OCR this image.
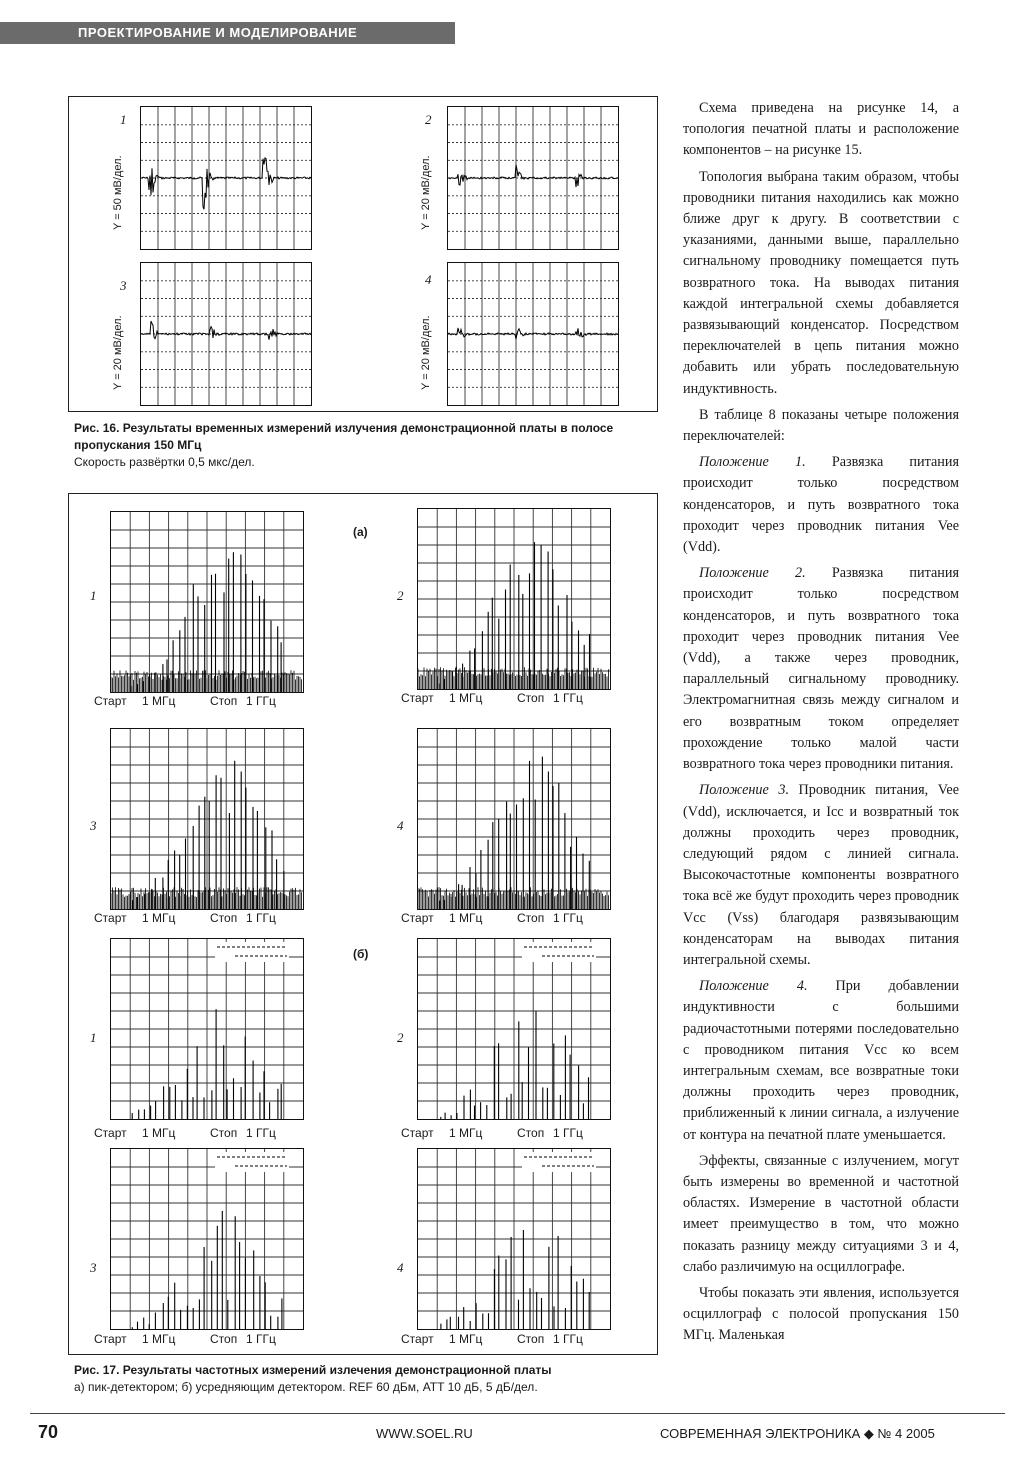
ПРОЕКТИРОВАНИЕ И МОДЕЛИРОВАНИЕ
1
Y = 50 мВ/дел.
2
Y = 20 мВ/дел.
3
Y = 20 мВ/дел.
4
Y = 20 мВ/дел.
Рис. 16. Результаты временных измерений излучения демонстрационной платы в полосе пропускания 150 МГц
Скорость развёртки 0,5 мкс/дел.
(a)
(б)
1
Старт 1 МГц	Стоп 1 ГГц
2
Старт 1 МГц	Стоп 1 ГГц
3
Старт 1 МГц	Стоп 1 ГГц
4
Старт 1 МГц	Стоп 1 ГГц
1
Старт 1 МГц	Стоп 1 ГГц
2
Старт 1 МГц	Стоп 1 ГГц
3
Старт 1 МГц	Стоп 1 ГГц
4
Старт 1 МГц	Стоп 1 ГГц
Рис. 17. Результаты частотных измерений излечения демонстрационной платы
а) пик-детектором; б) усредняющим детектором. REF 60 дБм, ATT 10 дБ, 5 дБ/дел.

Схема приведена на рисунке 14, а топология печатной платы и расположение компонентов – на рисунке 15.

Топология выбрана таким образом, чтобы проводники питания находились как можно ближе друг к другу. В соответствии с указаниями, данными выше, параллельно сигнальному проводнику помещается путь возвратного тока. На выводах питания каждой интегральной схемы добавляется развязывающий конденсатор. Посредством переключателей в цепь питания можно добавить или убрать последовательную индуктивность.

В таблице 8 показаны четыре положения переключателей:

Положение 1. Развязка питания происходит только посредством конденсаторов, и путь возвратного тока проходит через проводник питания Vee (Vdd).

Положение 2. Развязка питания происходит только посредством конденсаторов, и путь возвратного тока проходит через проводник питания Vee (Vdd), а также через проводник, параллельный сигнальному проводнику. Электромагнитная связь между сигналом и его возвратным током определяет прохождение только малой части возвратного тока через проводники питания.

Положение 3. Проводник питания, Vee (Vdd), исключается, и Icc и возвратный ток должны проходить через проводник, следующий рядом с линией сигнала. Высокочастотные компоненты возвратного тока всё же будут проходить через проводник Vcc (Vss) благодаря развязывающим конденсаторам на выводах питания интегральной схемы.

Положение 4. При добавлении индуктивности с большими радиочастотными потерями последовательно с проводником питания Vcc ко всем интегральным схемам, все возвратные токи должны проходить через проводник, приближенный к линии сигнала, а излучение от контура на печатной плате уменьшается.

Эффекты, связанные с излучением, могут быть измерены во временной и частотной областях. Измерение в частотной области имеет преимущество в том, что можно показать разницу между ситуациями 3 и 4, слабо различимую на осциллографе.

Чтобы показать эти явления, используется осциллограф с полосой пропускания 150 МГц. Маленькая

70	WWW.SOEL.RU	СОВРЕМЕННАЯ ЭЛЕКТРОНИКА ◆ № 4 2005
